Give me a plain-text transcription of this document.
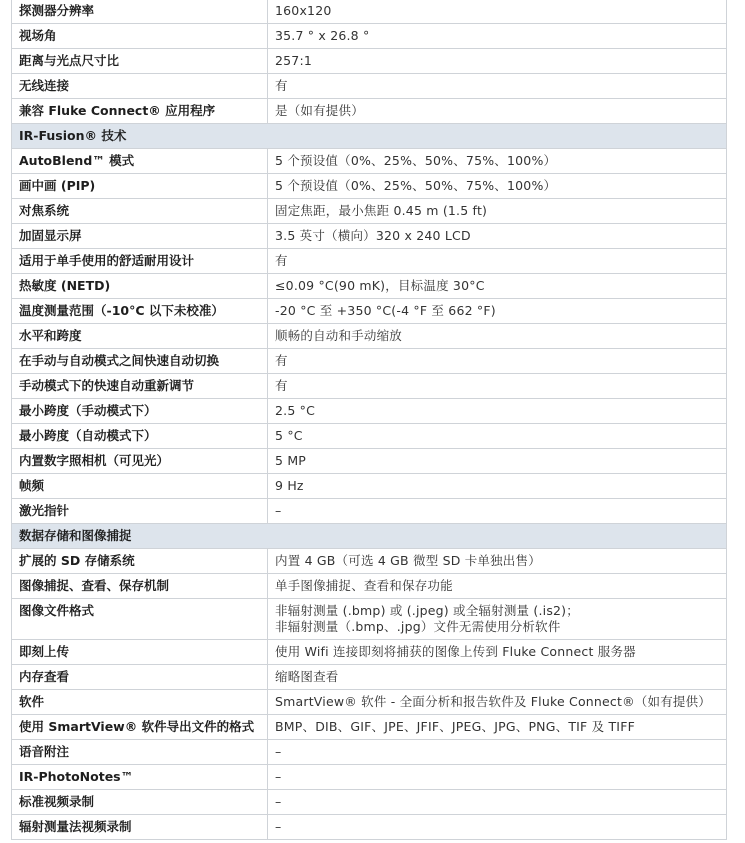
探测器分辨率	160x120

视场角	35.7 ° x 26.8 °

距离与光点尺寸比	257:1

无线连接	有

兼容 Fluke Connect® 应用程序	是（如有提供）

IR-Fusion® 技术	
AutoBlend™ 模式	5 个预设值（0%、25%、50%、75%、100%）

画中画 (PIP)	5 个预设值（0%、25%、50%、75%、100%）

对焦系统	固定焦距，最小焦距 0.45 m (1.5 ft)

加固显示屏	3.5 英寸（横向）320 x 240 LCD

适用于单手使用的舒适耐用设计	有

热敏度 (NETD)	≤0.09 °C(90 mK)，目标温度 30°C

温度测量范围（-10°C 以下未校准）	-20 °C 至 +350 °C(-4 °F 至 662 °F)

水平和跨度	顺畅的自动和手动缩放

在手动与自动模式之间快速自动切换	有

手动模式下的快速自动重新调节	有

最小跨度（手动模式下）	2.5 °C

最小跨度（自动模式下）	5 °C

内置数字照相机（可见光）	5 MP

帧频	9 Hz

激光指针	–

数据存储和图像捕捉	
扩展的 SD 存储系统	内置 4 GB（可选 4 GB 微型 SD 卡单独出售）

图像捕捉、查看、保存机制	单手图像捕捉、查看和保存功能

图像文件格式	非辐射测量 (.bmp) 或 (.jpeg) 或全辐射测量 (.is2)；
非辐射测量（.bmp、.jpg）文件无需使用分析软件

即刻上传	使用 Wifi 连接即刻将捕获的图像上传到 Fluke Connect 服务器

内存查看	缩略图查看

软件	SmartView® 软件 - 全面分析和报告软件及 Fluke Connect®（如有提供）

使用 SmartView® 软件导出文件的格式	BMP、DIB、GIF、JPE、JFIF、JPEG、JPG、PNG、TIF 及 TIFF

语音附注	–

IR-PhotoNotes™	–

标准视频录制	–

辐射测量法视频录制	–
